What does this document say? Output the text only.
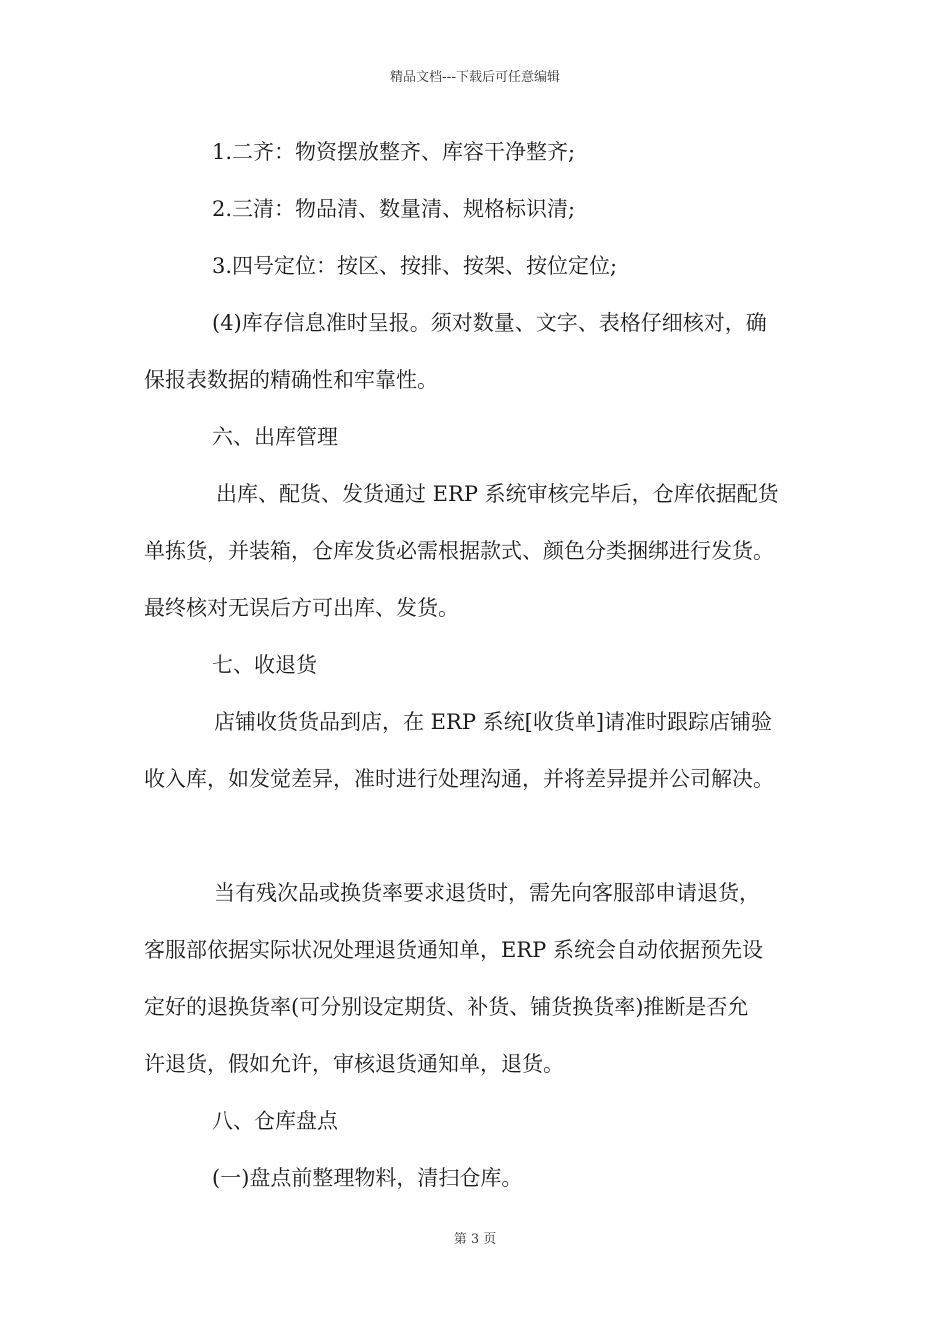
精品文档---下载后可任意编辑
1.二齐：物资摆放整齐、库容干净整齐;
2.三清：物品清、数量清、规格标识清;
3.四号定位：按区、按排、按架、按位定位;
(4)库存信息准时呈报。须对数量、文字、表格仔细核对，确
保报表数据的精确性和牢靠性。
六、出库管理
出库、配货、发货通过 ERP 系统审核完毕后，仓库依据配货
单拣货，并装箱，仓库发货必需根据款式、颜色分类捆绑进行发货。
最终核对无误后方可出库、发货。
七、收退货
店铺收货货品到店，在 ERP 系统[收货单]请准时跟踪店铺验
收入库，如发觉差异，准时进行处理沟通，并将差异提并公司解决。
当有残次品或换货率要求退货时，需先向客服部申请退货，
客服部依据实际状况处理退货通知单，ERP 系统会自动依据预先设
定好的退换货率(可分别设定期货、补货、铺货换货率)推断是否允
许退货，假如允许，审核退货通知单，退货。
八、仓库盘点
(一)盘点前整理物料，清扫仓库。
第 3 页
